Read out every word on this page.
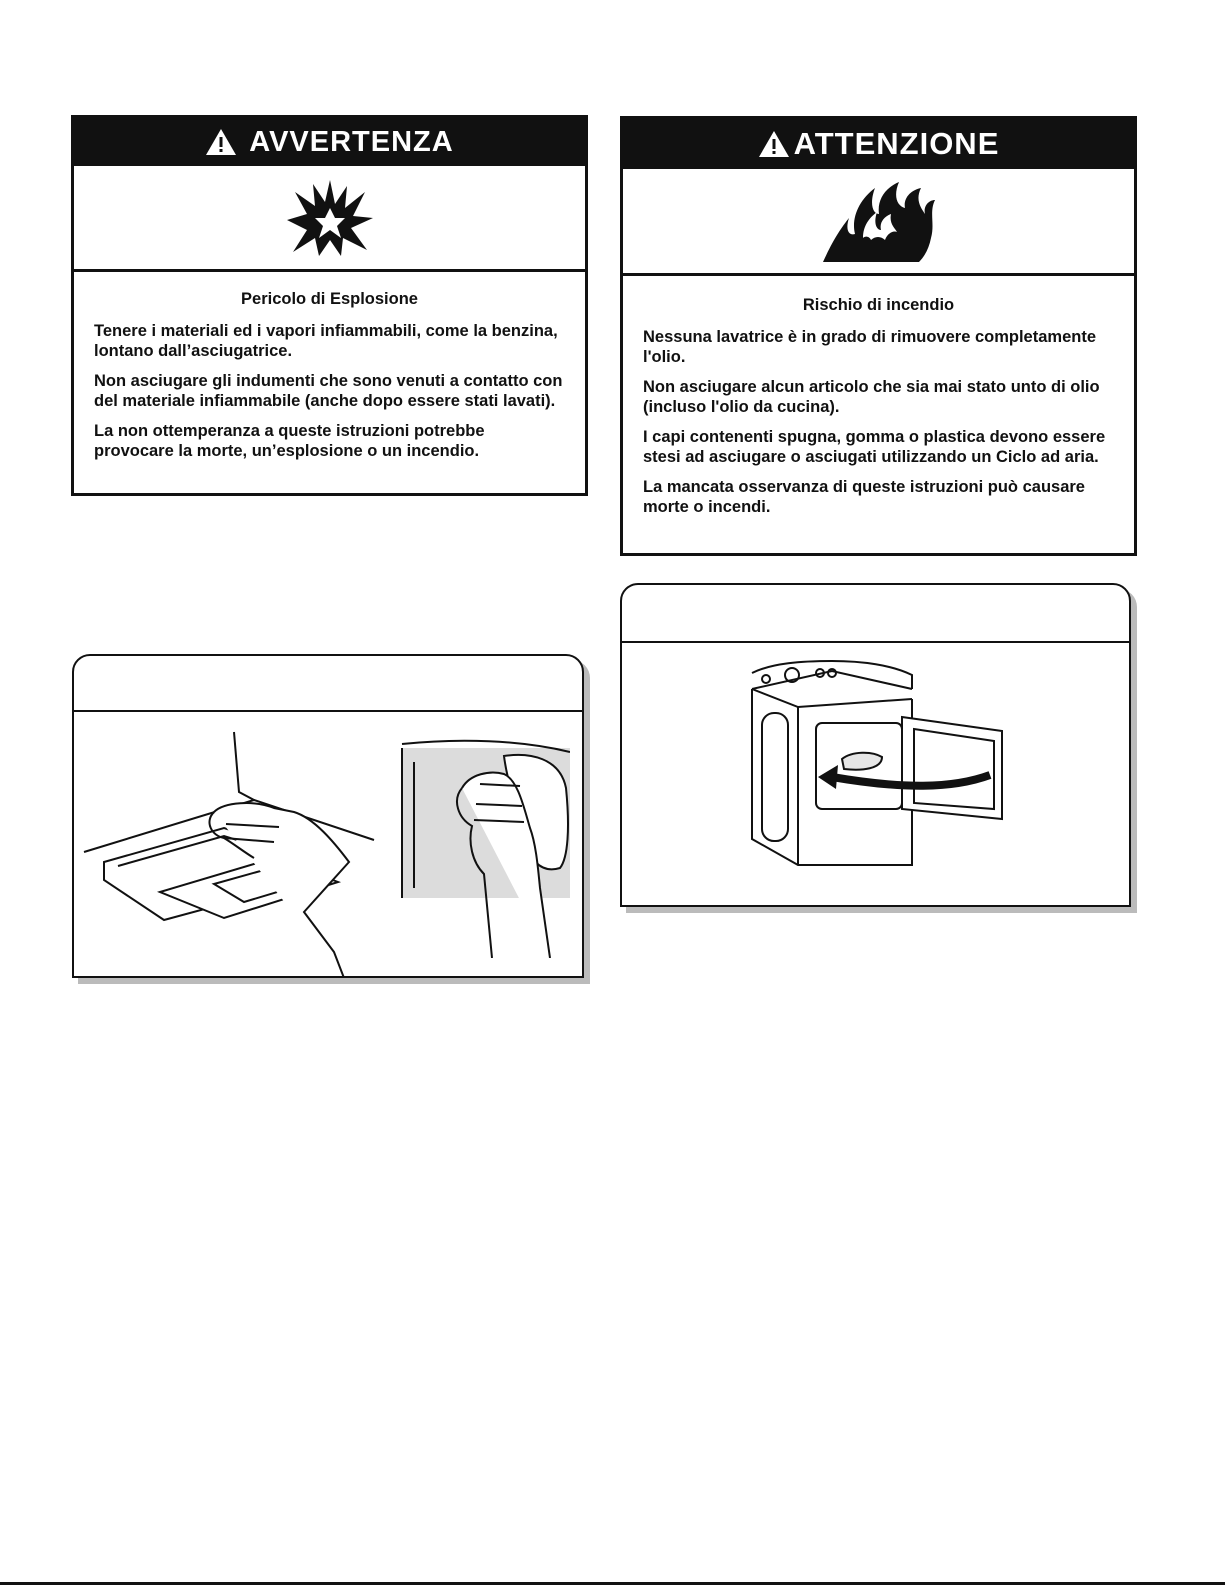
AVVERTENZA
Pericolo di Esplosione

Tenere i materiali ed i vapori infiammabili, come la benzina, lontano dall’asciugatrice.

Non asciugare gli indumenti che sono venuti a contatto con del materiale infiammabile (anche dopo essere stati lavati).

La non ottemperanza a queste istruzioni potrebbe provocare la morte, un’esplosione o un incendio.

ATTENZIONE
Rischio di incendio

Nessuna lavatrice è in grado di rimuovere completamente l'olio.

Non asciugare alcun articolo che sia mai stato unto di olio (incluso l'olio da cucina).

I capi contenenti spugna, gomma o plastica devono essere stesi ad asciugare o asciugati utilizzando un Ciclo ad aria.

La mancata osservanza di queste istruzioni può causare morte o incendi.
